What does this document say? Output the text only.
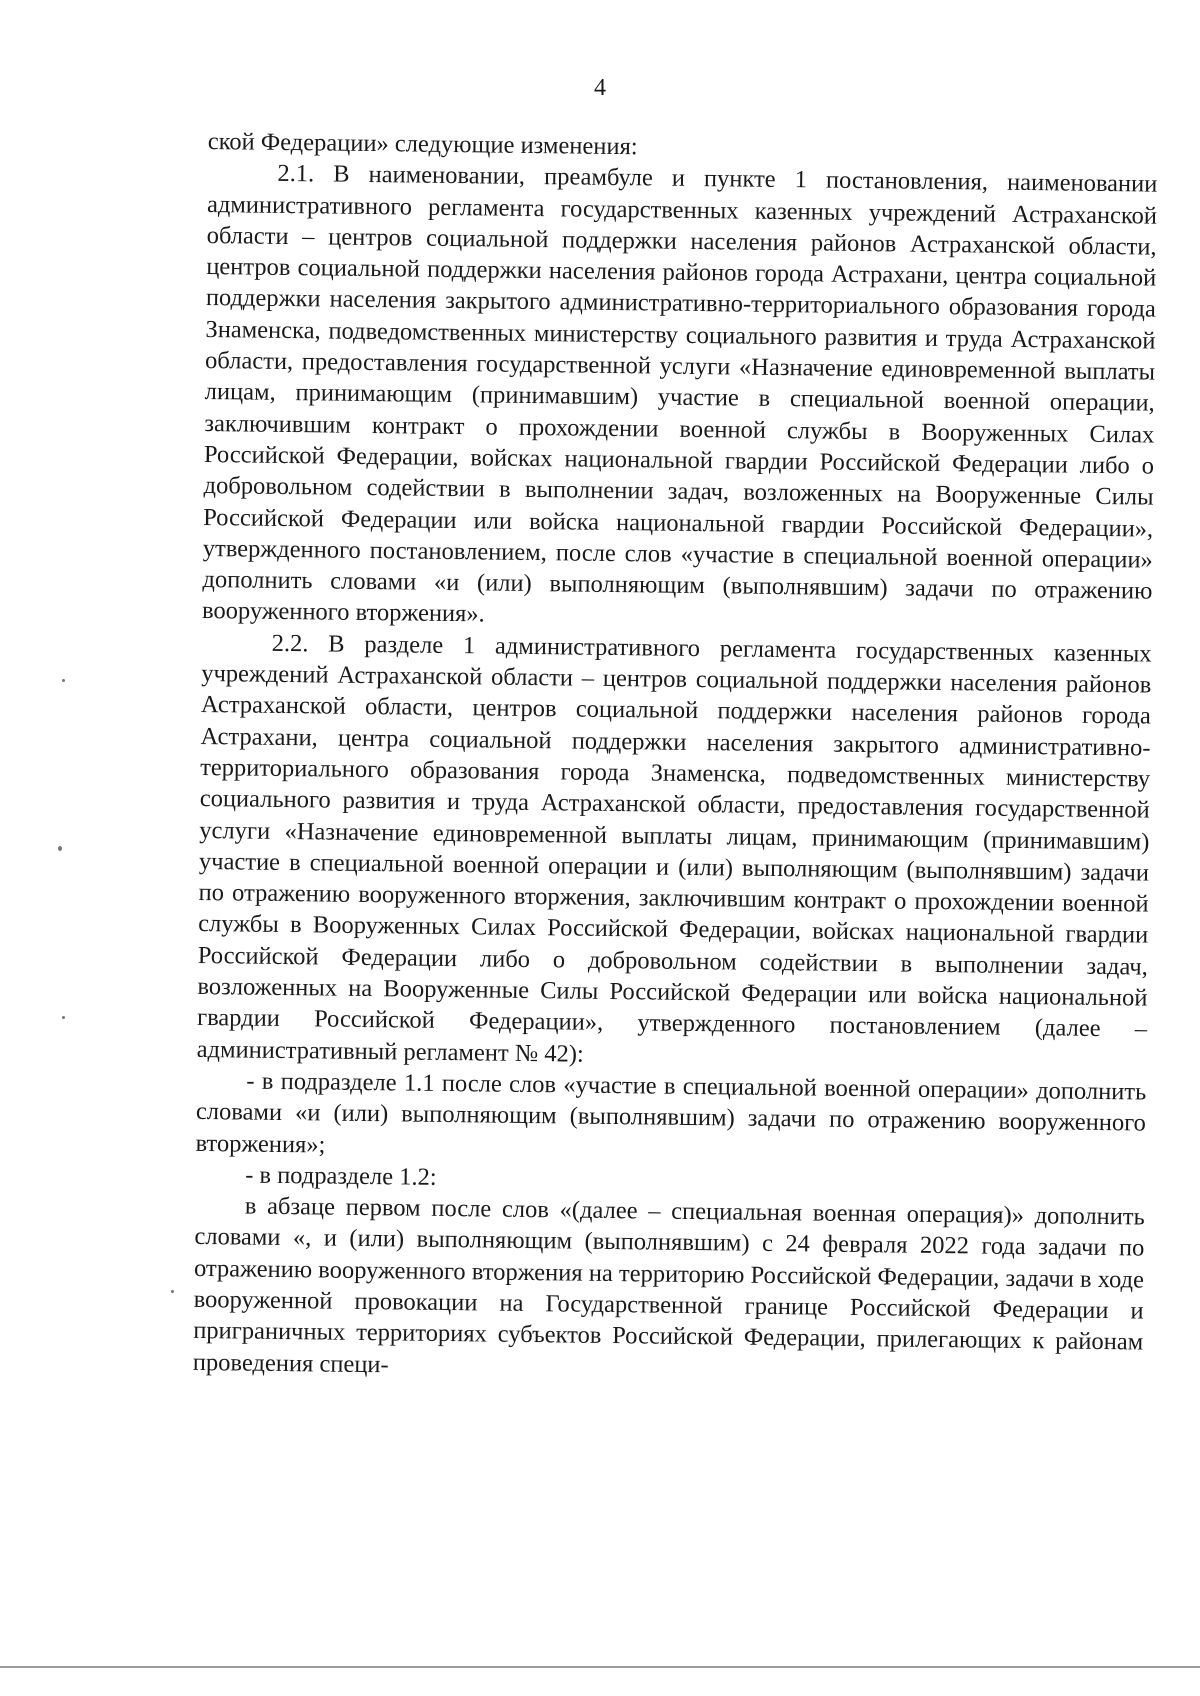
4

ской Федерации» следующие изменения:

2.1. В наименовании, преамбуле и пункте 1 постановления, наименовании административного регламента государственных казенных учреждений Астраханской области – центров социальной поддержки населения районов Астраханской области, центров социальной поддержки населения районов города Астрахани, центра социальной поддержки населения закрытого административно-территориального образования города Знаменска, подведомственных министерству социального развития и труда Астраханской области, предоставления государственной услуги «Назначение единовременной выплаты лицам, принимающим (принимавшим) участие в специальной военной операции, заключившим контракт о прохождении военной службы в Вооруженных Силах Российской Федерации, войсках национальной гвардии Российской Федерации либо о добровольном содействии в выполнении задач, возложенных на Вооруженные Силы Российской Федерации или войска национальной гвардии Российской Федерации», утвержденного постановлением, после слов «участие в специальной военной операции» дополнить словами «и (или) выполняющим (выполнявшим) задачи по отражению вооруженного вторжения».

2.2. В разделе 1 административного регламента государственных казенных учреждений Астраханской области – центров социальной поддержки населения районов Астраханской области, центров социальной поддержки населения районов города Астрахани, центра социальной поддержки населения закрытого административно-территориального образования города Знаменска, подведомственных министерству социального развития и труда Астраханской области, предоставления государственной услуги «Назначение единовременной выплаты лицам, принимающим (принимавшим) участие в специальной военной операции и (или) выполняющим (выполнявшим) задачи по отражению вооруженного вторжения, заключившим контракт о прохождении военной службы в Вооруженных Силах Российской Федерации, войсках национальной гвардии Российской Федерации либо о добровольном содействии в выполнении задач, возложенных на Вооруженные Силы Российской Федерации или войска национальной гвардии Российской Федерации», утвержденного постановлением (далее – административный регламент № 42):

- в подразделе 1.1 после слов «участие в специальной военной операции» дополнить словами «и (или) выполняющим (выполнявшим) задачи по отражению вооруженного вторжения»;

- в подразделе 1.2:

в абзаце первом после слов «(далее – специальная военная операция)» дополнить словами «, и (или) выполняющим (выполнявшим) с 24 февраля 2022 года задачи по отражению вооруженного вторжения на территорию Российской Федерации, задачи в ходе вооруженной провокации на Государственной границе Российской Федерации и приграничных территориях субъектов Российской Федерации, прилегающих к районам проведения специ-
